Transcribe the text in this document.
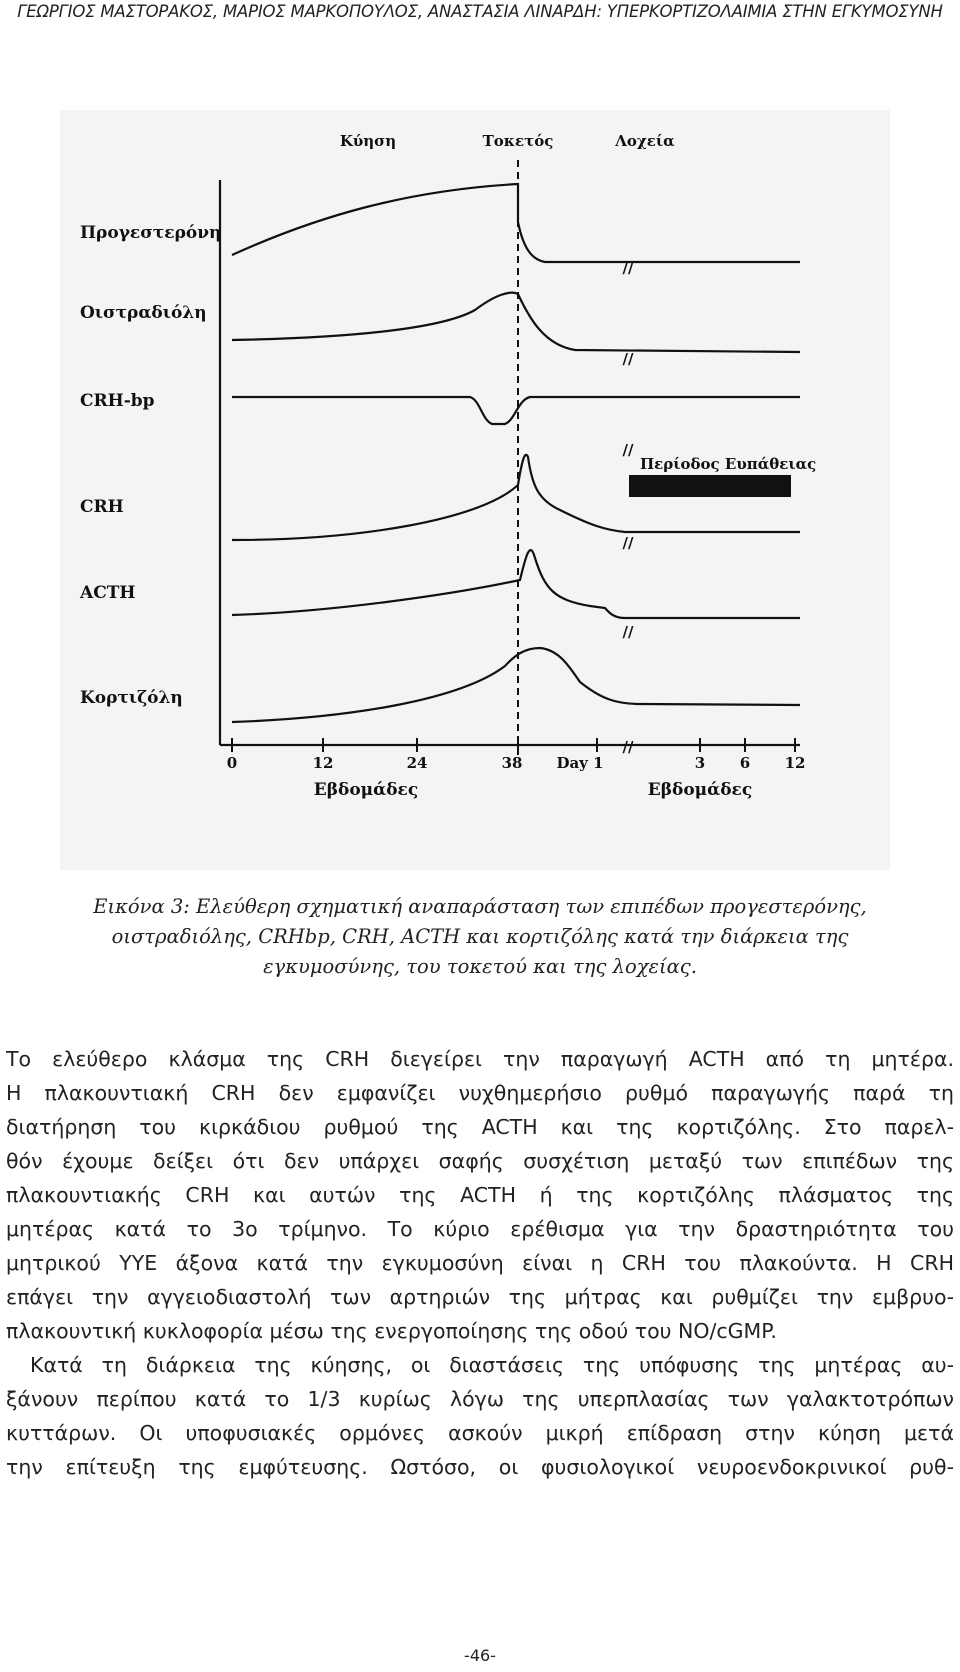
ΓΕΩΡΓΙΟΣ ΜΑΣΤΟΡΑΚΟΣ, ΜΑΡΙΟΣ ΜΑΡΚΟΠΟΥΛΟΣ, ΑΝΑΣΤΑΣΙΑ ΛΙΝΑΡΔΗ: ΥΠΕΡΚΟΡΤΙΖΟΛΑΙΜΙΑ ΣΤΗΝ ΕΓΚΥΜΟΣΥΝΗ
Κύηση	Τοκετός	Λοχεία
Προγεστερόνη
Οιστραδιόλη
CRH-bp
CRH
ACTH
Κορτιζόλη
Περίοδος Ευπάθειας
//
//
//
//
//
//
0	12	24	38 Day 1	3 6 12
Εβδομάδες	Εβδομάδες
Εικόνα 3: Ελεύθερη σχηματική αναπαράσταση των επιπέδων προγεστερόνης,
οιστραδιόλης, CRHbp, CRH, ACTH και κορτιζόλης κατά την διάρκεια της
εγκυμοσύνης, του τοκετού και της λοχείας.
Το ελεύθερο κλάσμα της CRH διεγείρει την παραγωγή ACTH από τη μητέρα.
Η πλακουντιακή CRH δεν εμφανίζει νυχθημερήσιο ρυθμό παραγωγής παρά τη
διατήρηση του κιρκάδιου ρυθμού της ACTH και της κορτιζόλης. Στο παρελ-
θόν έχουμε δείξει ότι δεν υπάρχει σαφής συσχέτιση μεταξύ των επιπέδων της
πλακουντιακής CRH και αυτών της ACTH ή της κορτιζόλης πλάσματος της
μητέρας κατά το 3ο τρίμηνο. Το κύριο ερέθισμα για την δραστηριότητα του
μητρικού ΥΥΕ άξονα κατά την εγκυμοσύνη είναι η CRH του πλακούντα. Η CRH
επάγει την αγγειοδιαστολή των αρτηριών της μήτρας και ρυθμίζει την εμβρυο-
πλακουντική κυκλοφορία μέσω της ενεργοποίησης της οδού του NO/cGMP.
Κατά τη διάρκεια της κύησης, οι διαστάσεις της υπόφυσης της μητέρας αυ-
ξάνουν περίπου κατά το 1/3 κυρίως λόγω της υπερπλασίας των γαλακτοτρόπων
κυττάρων. Οι υποφυσιακές ορμόνες ασκούν μικρή επίδραση στην κύηση μετά
την επίτευξη της εμφύτευσης. Ωστόσο, οι φυσιολογικοί νευροενδοκρινικοί ρυθ-
-46-
